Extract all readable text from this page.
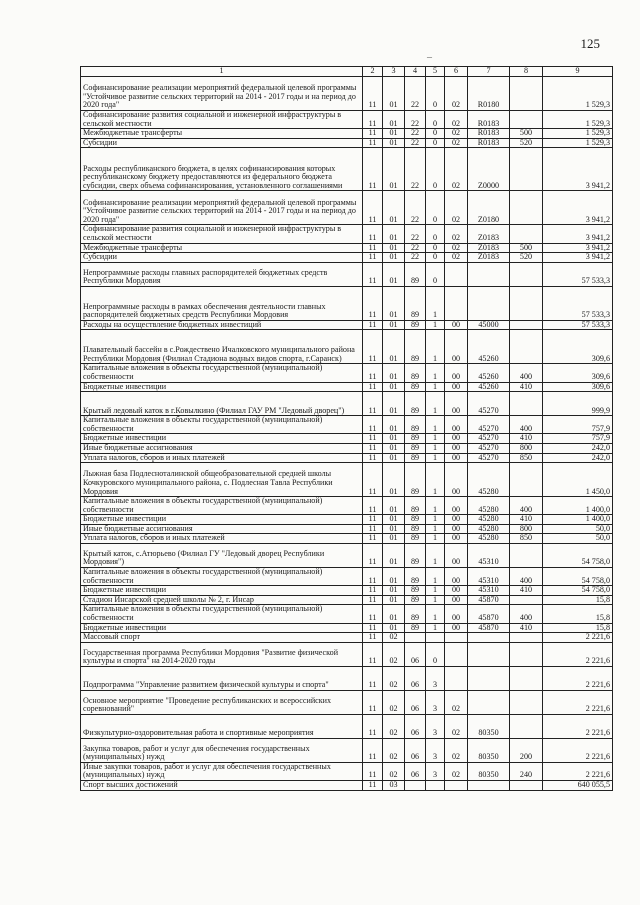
125
–
1	2	3	4	5	6	7	8	9
Софинансирование реализации мероприятий федеральной целевой программы "Устойчивое развитие сельских территорий на 2014 - 2017 годы и на период до 2020 года"	11	01	22	0	02	R0180		1 529,3
Софинансирование развития социальной и инженерной инфраструктуры в сельской местности	11	01	22	0	02	R0183		1 529,3
Межбюджетные трансферты	11	01	22	0	02	R0183	500	1 529,3
Субсидии	11	01	22	0	02	R0183	520	1 529,3
Расходы республиканского бюджета, в целях софинансирования которых республиканскому бюджету предоставляются из федерального бюджета субсидии, сверх объема софинансирования, установленного соглашениями	11	01	22	0	02	Z0000		3 941,2
Софинансирование реализации мероприятий федеральной целевой программы "Устойчивое развитие сельских территорий на 2014 - 2017 годы и на период до 2020 года"	11	01	22	0	02	Z0180		3 941,2
Софинансирование развития социальной и инженерной инфраструктуры в сельской местности	11	01	22	0	02	Z0183		3 941,2
Межбюджетные трансферты	11	01	22	0	02	Z0183	500	3 941,2
Субсидии	11	01	22	0	02	Z0183	520	3 941,2
Непрограммные расходы главных распорядителей бюджетных средств Республики Мордовия	11	01	89	0				57 533,3
Непрограммные расходы в рамках обеспечения деятельности главных распорядителей бюджетных средств Республики Мордовия	11	01	89	1				57 533,3
Расходы на осуществление бюджетных инвестиций	11	01	89	1	00	45000		57 533,3
Плавательный бассейн в с.Рождествено Ичалковского муниципального района Республики Мордовия (Филиал Стадиона водных видов спорта, г.Саранск)	11	01	89	1	00	45260		309,6
Капитальные вложения в объекты государственной (муниципальной) собственности	11	01	89	1	00	45260	400	309,6
Бюджетные инвестиции	11	01	89	1	00	45260	410	309,6
Крытый ледовый каток в г.Ковылкино (Филиал ГАУ РМ "Ледовый дворец")	11	01	89	1	00	45270		999,9
Капитальные вложения в объекты государственной (муниципальной) собственности	11	01	89	1	00	45270	400	757,9
Бюджетные инвестиции	11	01	89	1	00	45270	410	757,9
Иные бюджетные ассигнования	11	01	89	1	00	45270	800	242,0
Уплата налогов, сборов и иных платежей	11	01	89	1	00	45270	850	242,0
Лыжная база Подлесноталинской общеобразовательной средней школы Кочкуровского муниципального района, с. Подлесная Тавла Республики Мордовия	11	01	89	1	00	45280		1 450,0
Капитальные вложения в объекты государственной (муниципальной) собственности	11	01	89	1	00	45280	400	1 400,0
Бюджетные инвестиции	11	01	89	1	00	45280	410	1 400,0
Иные бюджетные ассигнования	11	01	89	1	00	45280	800	50,0
Уплата налогов, сборов и иных платежей	11	01	89	1	00	45280	850	50,0
Крытый каток, с.Атюрьево (Филиал ГУ "Ледовый дворец Республики Мордовия")	11	01	89	1	00	45310		54 758,0
Капитальные вложения в объекты государственной (муниципальной) собственности	11	01	89	1	00	45310	400	54 758,0
Бюджетные инвестиции	11	01	89	1	00	45310	410	54 758,0
Стадион Инсарской средней школы № 2, г. Инсар	11	01	89	1	00	45870		15,8
Капитальные вложения в объекты государственной (муниципальной) собственности	11	01	89	1	00	45870	400	15,8
Бюджетные инвестиции	11	01	89	1	00	45870	410	15,8
Массовый спорт	11	02						2 221,6
Государственная программа Республики Мордовия "Развитие физической культуры и спорта" на 2014-2020 годы	11	02	06	0				2 221,6
Подпрограмма "Управление развитием физической культуры и спорта"	11	02	06	3				2 221,6
Основное мероприятие "Проведение республиканских и всероссийских соревнований"	11	02	06	3	02			2 221,6
Физкультурно-оздоровительная работа и спортивные мероприятия	11	02	06	3	02	80350		2 221,6
Закупка товаров, работ и услуг для обеспечения государственных (муниципальных) нужд	11	02	06	3	02	80350	200	2 221,6
Иные закупки товаров, работ и услуг для обеспечения государственных (муниципальных) нужд	11	02	06	3	02	80350	240	2 221,6
Спорт высших достижений	11	03						640 055,5
